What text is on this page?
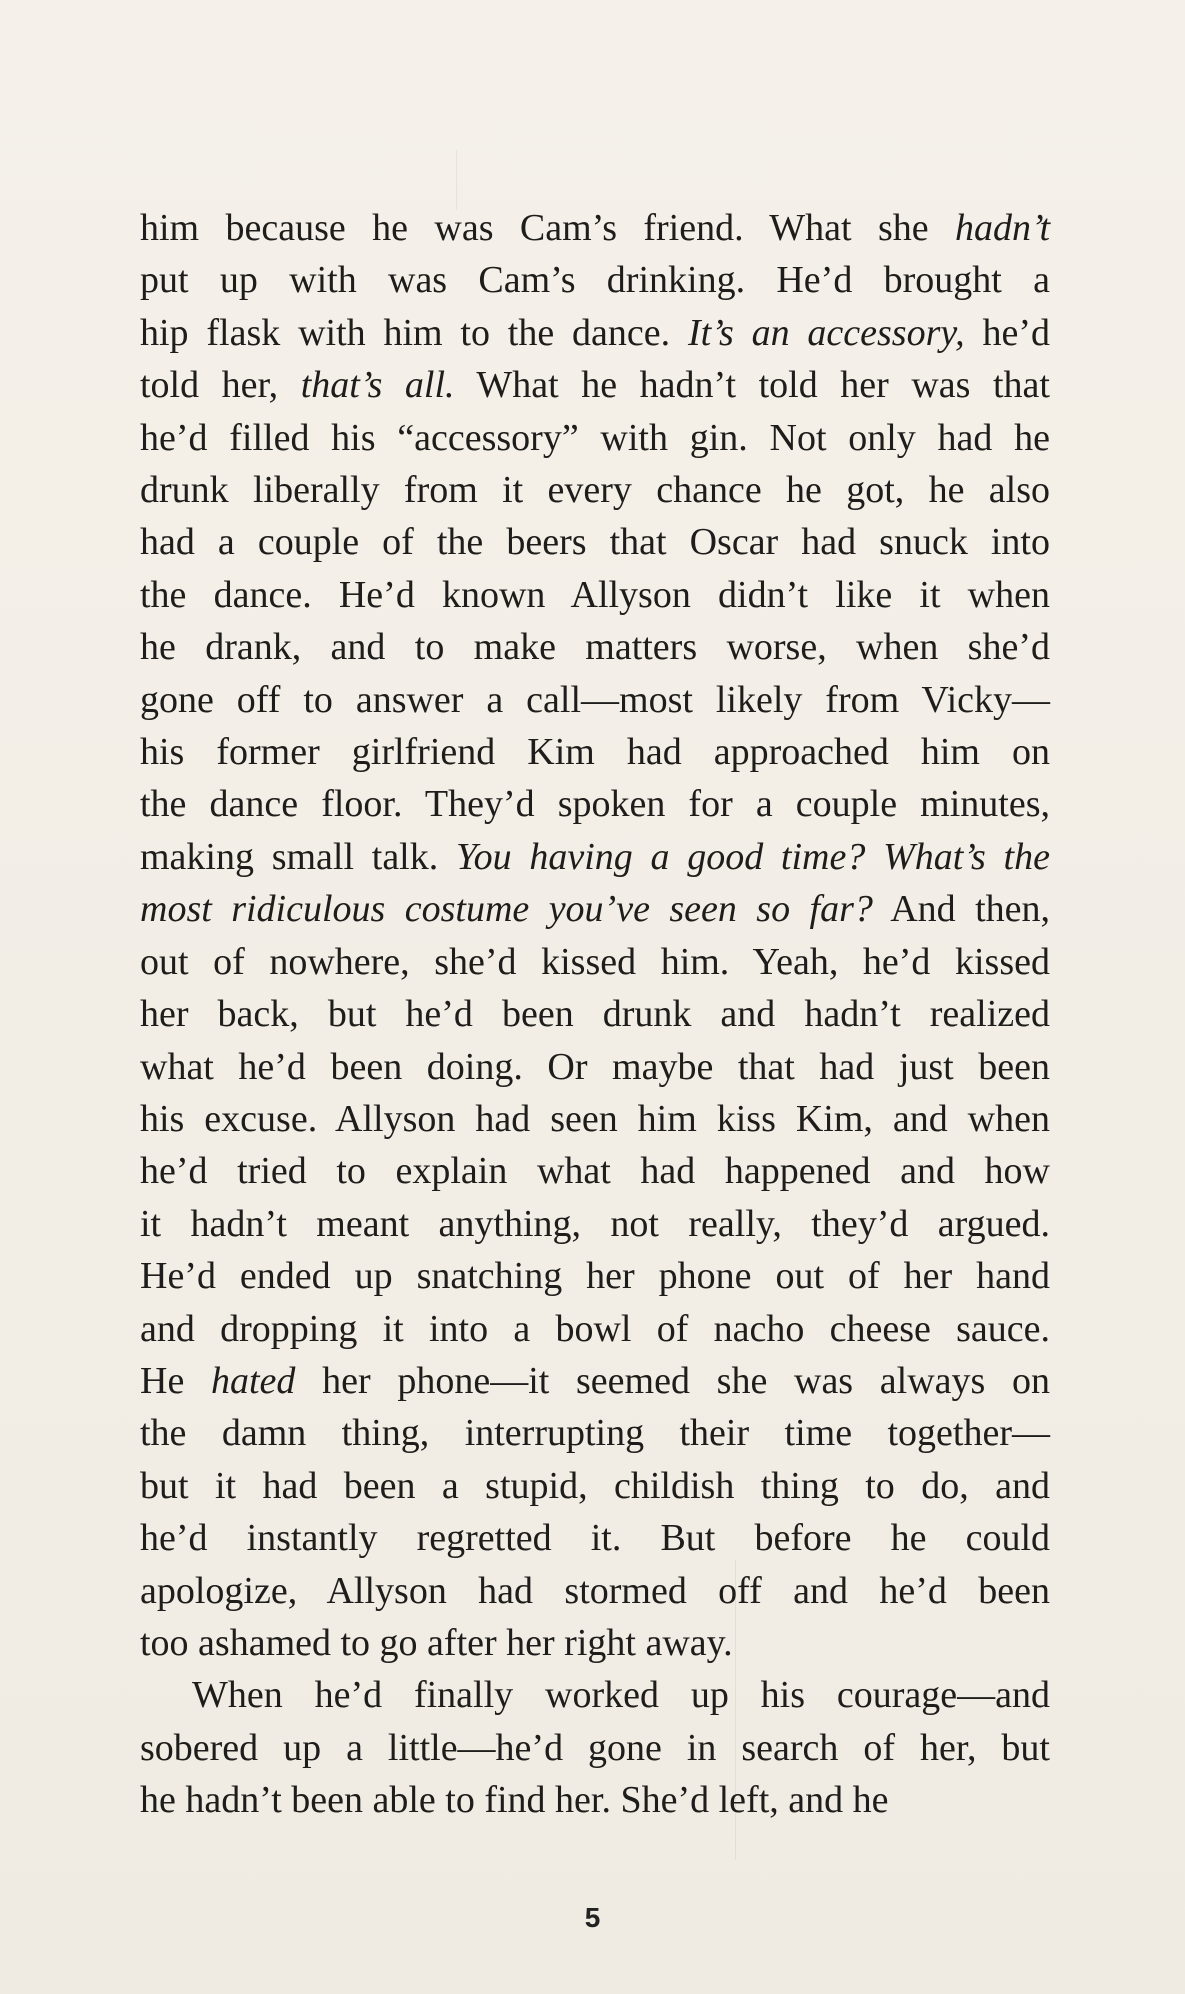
him because he was Cam’s friend. What she hadn’t
put up with was Cam’s drinking. He’d brought a
hip flask with him to the dance. It’s an accessory, he’d
told her, that’s all. What he hadn’t told her was that
he’d filled his “accessory” with gin. Not only had he
drunk liberally from it every chance he got, he also
had a couple of the beers that Oscar had snuck into
the dance. He’d known Allyson didn’t like it when
he drank, and to make matters worse, when she’d
gone off to answer a call—most likely from Vicky—
his former girlfriend Kim had approached him on
the dance floor. They’d spoken for a couple minutes,
making small talk. You having a good time? What’s the
most ridiculous costume you’ve seen so far? And then,
out of nowhere, she’d kissed him. Yeah, he’d kissed
her back, but he’d been drunk and hadn’t realized
what he’d been doing. Or maybe that had just been
his excuse. Allyson had seen him kiss Kim, and when
he’d tried to explain what had happened and how
it hadn’t meant anything, not really, they’d argued.
He’d ended up snatching her phone out of her hand
and dropping it into a bowl of nacho cheese sauce.
He hated her phone—it seemed she was always on
the damn thing, interrupting their time together—
but it had been a stupid, childish thing to do, and
he’d instantly regretted it. But before he could
apologize, Allyson had stormed off and he’d been
too ashamed to go after her right away.
When he’d finally worked up his courage—and
sobered up a little—he’d gone in search of her, but
he hadn’t been able to find her. She’d left, and he
5
